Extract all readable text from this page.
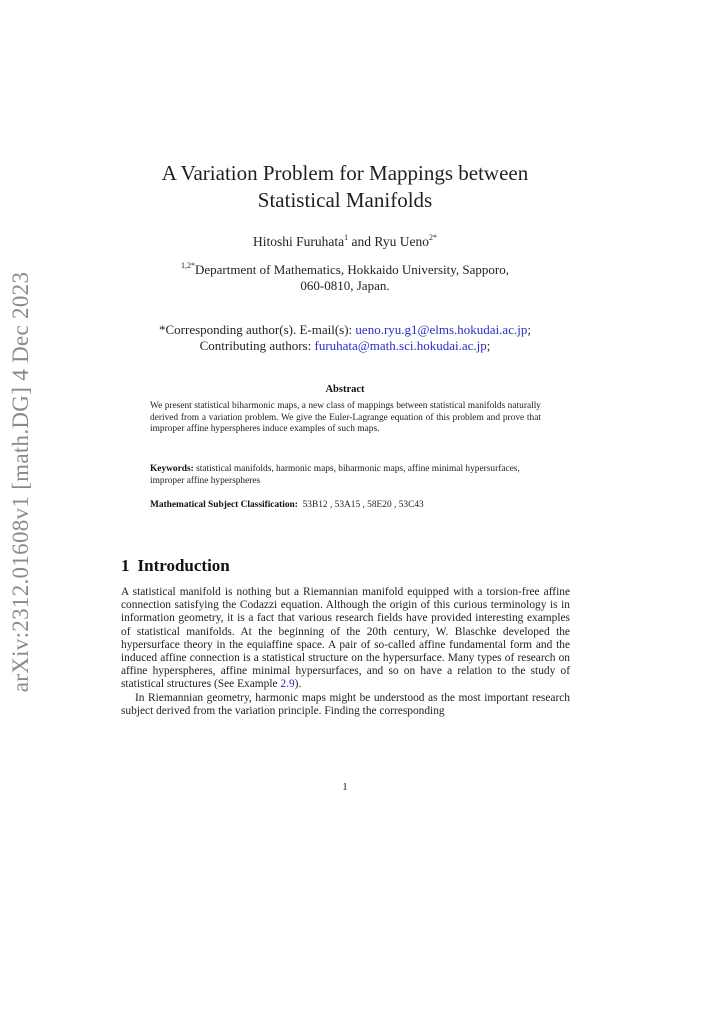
arXiv:2312.01608v1 [math.DG] 4 Dec 2023
A Variation Problem for Mappings between
Statistical Manifolds
Hitoshi Furuhata$^1$ and Ryu Ueno$^{2*}$
$^{1,2*}$Department of Mathematics, Hokkaido University, Sapporo,
060-0810, Japan.
*Corresponding author(s). E-mail(s): ueno.ryu.g1@elms.hokudai.ac.jp;
Contributing authors: furuhata@math.sci.hokudai.ac.jp;
Abstract
We present statistical biharmonic maps, a new class of mappings between statistical manifolds naturally derived from a variation problem. We give the Euler-Lagrange equation of this problem and prove that improper affine hyperspheres induce examples of such maps.
Keywords: statistical manifolds, harmonic maps, biharmonic maps, affine minimal hypersurfaces, improper affine hyperspheres
Mathematical Subject Classification: 53B12 , 53A15 , 58E20 , 53C43
1 Introduction

A statistical manifold is nothing but a Riemannian manifold equipped with a torsion-free affine connection satisfying the Codazzi equation. Although the origin of this curious terminology is in information geometry, it is a fact that various research fields have provided interesting examples of statistical manifolds. At the beginning of the 20th century, W. Blaschke developed the hypersurface theory in the equiaffine space. A pair of so-called affine fundamental form and the induced affine connection is a statistical structure on the hypersurface. Many types of research on affine hyperspheres, affine minimal hypersurfaces, and so on have a relation to the study of statistical structures (See Example 2.9).

In Riemannian geometry, harmonic maps might be understood as the most important research subject derived from the variation principle. Finding the corresponding

1
